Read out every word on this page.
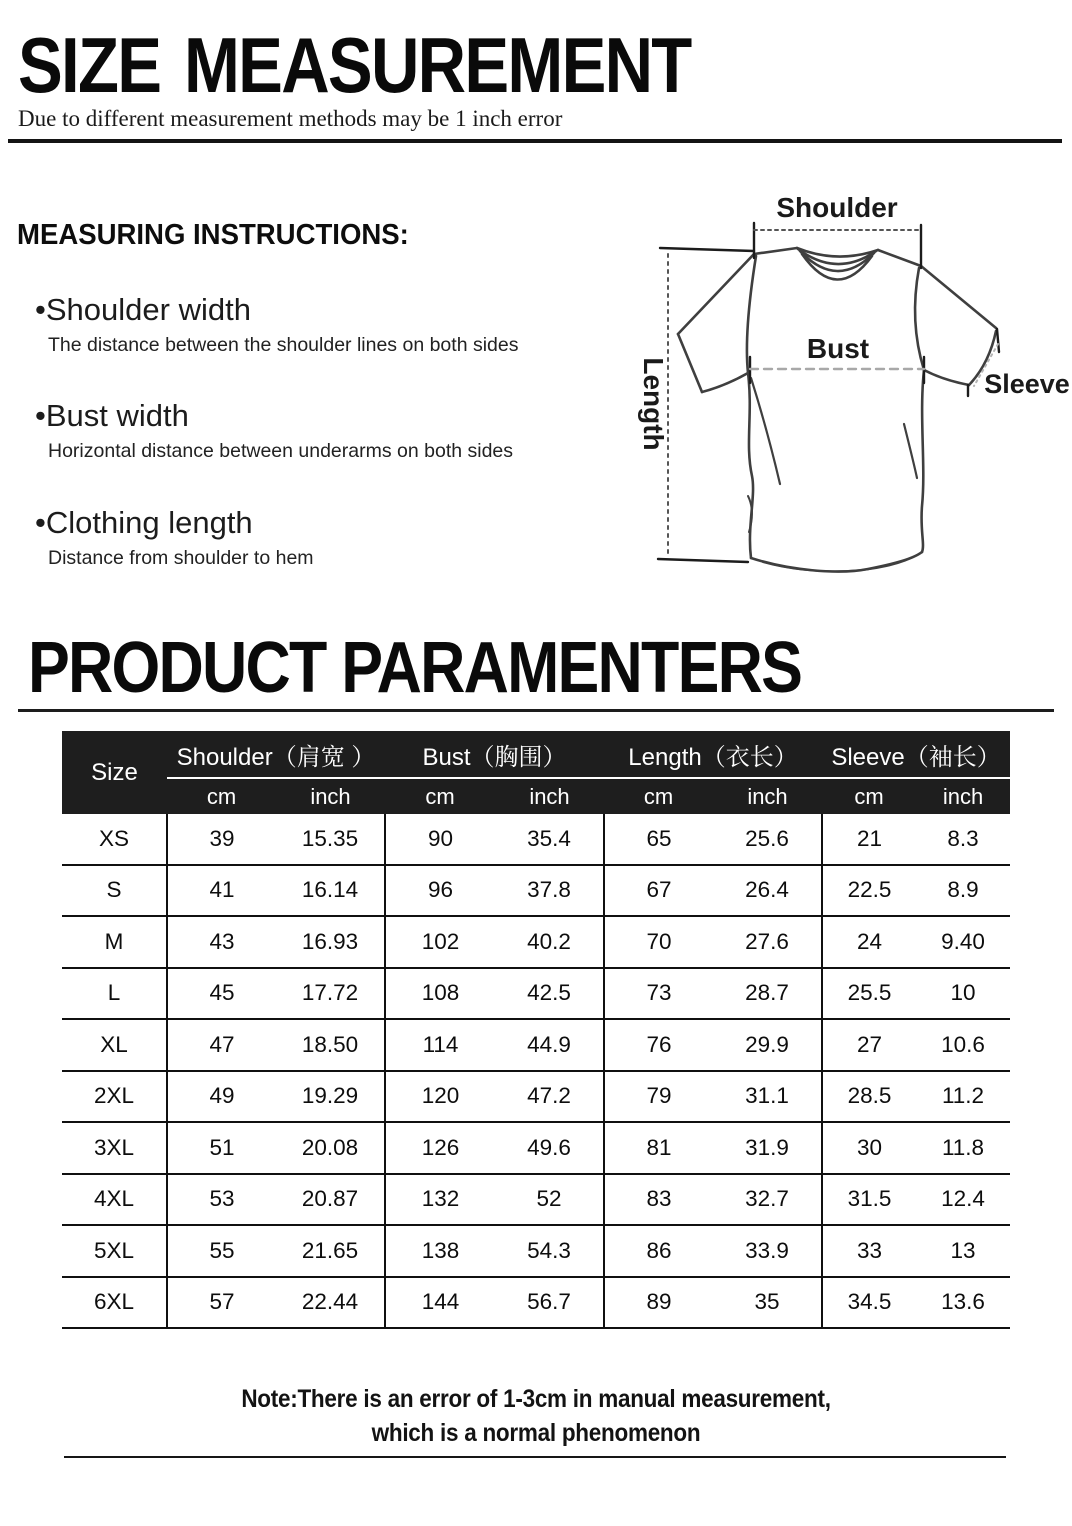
SIZE MEASUREMENT

Due to different measurement methods may be 1 inch error

MEASURING INSTRUCTIONS:
•Shoulder width
The distance between the shoulder lines on both sides
•Bust width
Horizontal distance between underarms on both sides
•Clothing length
Distance from shoulder to hem
Shoulder
Bust
Sleeve
Length
PRODUCT PARAMENTERS
Size	Shoulder（肩宽 ）		Bust（胸围）		Length（衣长）		Sleeve（袖长）	
	cm	inch	cm	inch	cm	inch	cm	inch
XS	39	15.35	90	35.4	65	25.6	21	8.3
S	41	16.14	96	37.8	67	26.4	22.5	8.9
M	43	16.93	102	40.2	70	27.6	24	9.40
L	45	17.72	108	42.5	73	28.7	25.5	10
XL	47	18.50	114	44.9	76	29.9	27	10.6
2XL	49	19.29	120	47.2	79	31.1	28.5	11.2
3XL	51	20.08	126	49.6	81	31.9	30	11.8
4XL	53	20.87	132	52	83	32.7	31.5	12.4
5XL	55	21.65	138	54.3	86	33.9	33	13
6XL	57	22.44	144	56.7	89	35	34.5	13.6
Note:There is an error of 1-3cm in manual measurement,
which is a normal phenomenon
